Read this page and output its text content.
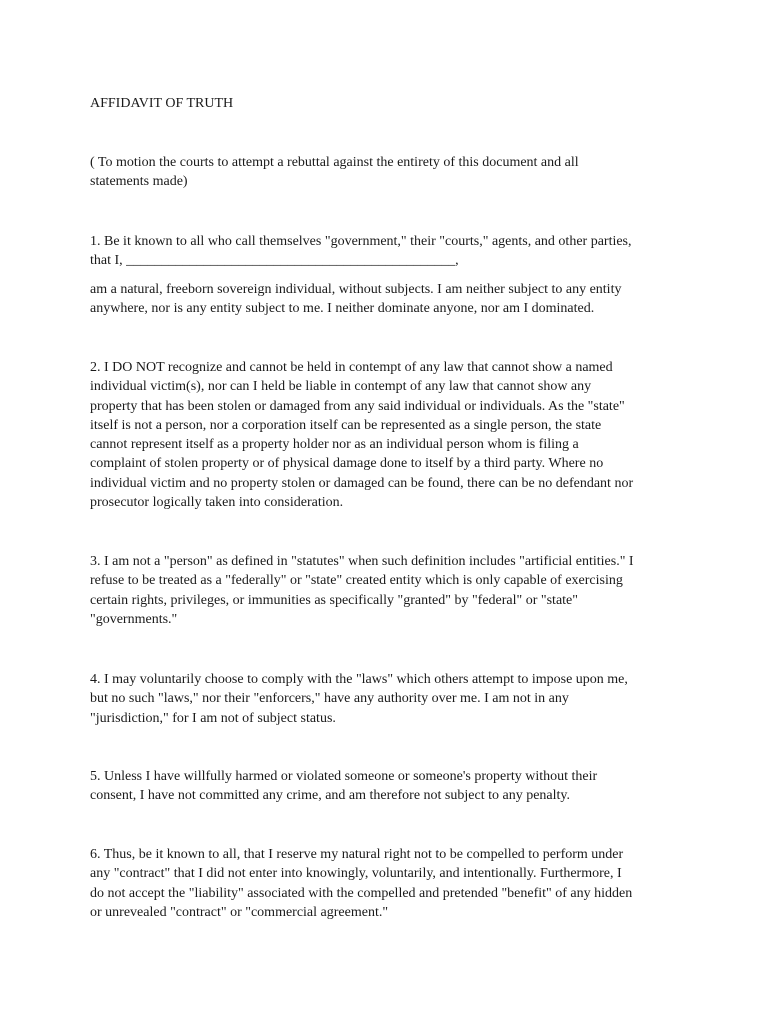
AFFIDAVIT OF TRUTH
( To motion the courts to attempt a rebuttal against the entirety of this document and all
statements made)
1. Be it known to all who call themselves "government," their "courts," agents, and other parties,
that I, _______________________________________________,
am a natural, freeborn sovereign individual, without subjects. I am neither subject to any entity
anywhere, nor is any entity subject to me. I neither dominate anyone, nor am I dominated.
2. I DO NOT recognize and cannot be held in contempt of any law that cannot show a named
individual victim(s), nor can I held be liable in contempt of any law that cannot show any
property that has been stolen or damaged from any said individual or individuals. As the "state"
itself is not a person, nor a corporation itself can be represented as a single person, the state
cannot represent itself as a property holder nor as an individual person whom is filing a
complaint of stolen property or of physical damage done to itself by a third party. Where no
individual victim and no property stolen or damaged can be found, there can be no defendant nor
prosecutor logically taken into consideration.
3. I am not a "person" as defined in "statutes" when such definition includes "artificial entities." I
refuse to be treated as a "federally" or "state" created entity which is only capable of exercising
certain rights, privileges, or immunities as specifically "granted" by "federal" or "state"
"governments."
4. I may voluntarily choose to comply with the "laws" which others attempt to impose upon me,
but no such "laws," nor their "enforcers," have any authority over me. I am not in any
"jurisdiction," for I am not of subject status.
5. Unless I have willfully harmed or violated someone or someone's property without their
consent, I have not committed any crime, and am therefore not subject to any penalty.
6. Thus, be it known to all, that I reserve my natural right not to be compelled to perform under
any "contract" that I did not enter into knowingly, voluntarily, and intentionally. Furthermore, I
do not accept the "liability" associated with the compelled and pretended "benefit" of any hidden
or unrevealed "contract" or "commercial agreement."
